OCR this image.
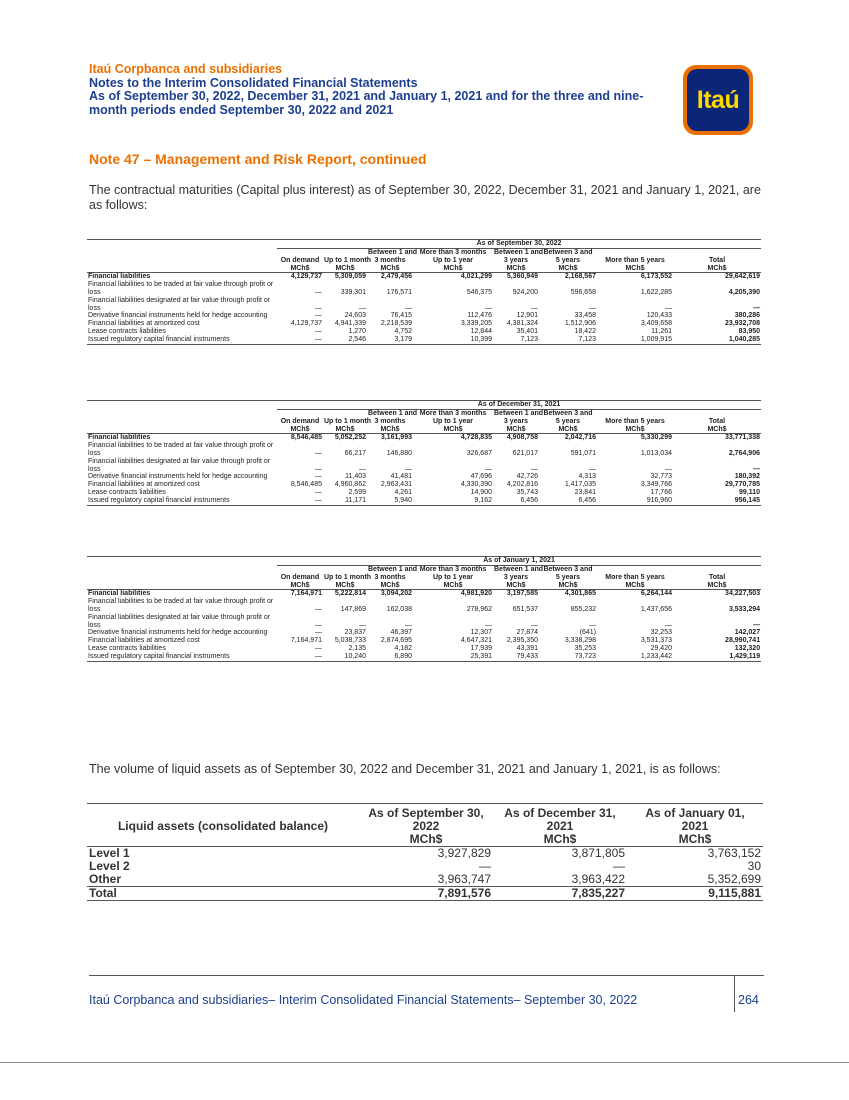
Itaú Corpbanca and subsidiaries
Notes to the Interim Consolidated Financial Statements
As of September 30, 2022, December 31, 2021 and January 1, 2021 and for the three and nine-
month periods ended September 30, 2022 and 2021	Itaú
Note 47 – Management and Risk Report, continued
The contractual maturities (Capital plus interest) as of September 30, 2022, December 31, 2021 and January 1, 2021, are as follows:
	As of September 30, 2022							
			Between 1 and	More than 3 months	Between 1 and	Between 3 and		
	On demand	Up to 1 month	3 months	Up to 1 year	3 years	5 years	More than 5 years	Total
	MCh$	MCh$	MCh$	MCh$	MCh$	MCh$	MCh$	MCh$
Financial liabilities	4,129,737	5,309,059	2,479,456	4,021,299	5,360,949	2,168,567	6,173,552	29,642,619
Financial liabilities to be traded at fair value through profit or loss	—	339,301	176,571	546,375	924,200	596,658	1,622,285	4,205,390
Financial liabilities designated at fair value through profit or loss	—	—	—	—	—	—	—	—
Derivative financial instruments held for hedge accounting	—	24,603	76,415	112,476	12,901	33,458	120,433	380,286
Financial liabilities at amortized cost	4,129,737	4,941,339	2,218,539	3,339,205	4,381,324	1,512,906	3,409,658	23,932,708
Lease contracts liabilities	—	1,270	4,752	12,844	35,401	18,422	11,261	83,950
Issued regulatory capital financial instruments	—	2,546	3,179	10,399	7,123	7,123	1,009,915	1,040,285
	As of December 31, 2021							
			Between 1 and	More than 3 months	Between 1 and	Between 3 and		
	On demand	Up to 1 month	3 months	Up to 1 year	3 years	5 years	More than 5 years	Total
	MCh$	MCh$	MCh$	MCh$	MCh$	MCh$	MCh$	MCh$
Financial liabilities	8,546,485	5,052,252	3,161,993	4,728,835	4,908,758	2,042,716	5,330,299	33,771,338
Financial liabilities to be traded at fair value through profit or loss	—	66,217	146,880	326,687	621,017	591,071	1,013,034	2,764,906
Financial liabilities designated at fair value through profit or loss	—	—	—	—	—	—	—	—
Derivative financial instruments held for hedge accounting	—	11,403	41,481	47,696	42,726	4,313	32,773	180,392
Financial liabilities at amortized cost	8,546,485	4,960,862	2,963,431	4,330,390	4,202,816	1,417,035	3,349,766	29,770,785
Lease contracts liabilities	—	2,599	4,261	14,900	35,743	23,841	17,766	99,110
Issued regulatory capital financial instruments	—	11,171	5,940	9,162	6,456	6,456	916,960	956,145
	As of January 1, 2021							
			Between 1 and	More than 3 months	Between 1 and	Between 3 and		
	On demand	Up to 1 month	3 months	Up to 1 year	3 years	5 years	More than 5 years	Total
	MCh$	MCh$	MCh$	MCh$	MCh$	MCh$	MCh$	MCh$
Financial liabilities	7,164,971	5,222,814	3,094,202	4,981,920	3,197,585	4,301,865	6,264,144	34,227,503
Financial liabilities to be traded at fair value through profit or loss	—	147,869	162,038	278,962	651,537	855,232	1,437,656	3,533,294
Financial liabilities designated at fair value through profit or loss	—	—	—	—	—	—	—	—
Derivative financial instruments held for hedge accounting	—	23,837	46,397	12,307	27,874	(641)	32,253	142,027
Financial liabilities at amortized cost	7,164,971	5,038,733	2,874,695	4,647,321	2,395,350	3,338,298	3,531,373	28,990,741
Lease contracts liabilities	—	2,135	4,182	17,939	43,391	35,253	29,420	132,320
Issued regulatory capital financial instruments	—	10,240	6,890	25,391	79,433	73,723	1,233,442	1,429,119
The volume of liquid assets as of September 30, 2022 and December 31, 2021 and January 1, 2021, is as follows:
	As of September 30,	As of December 31,	As of January 01,
Liquid assets (consolidated balance)	2022	2021	2021
	MCh$	MCh$	MCh$
Level 1	3,927,829	3,871,805	3,763,152
Level 2	—	—	30
Other	3,963,747	3,963,422	5,352,699
Total	7,891,576	7,835,227	9,115,881
Itaú Corpbanca and subsidiaries– Interim Consolidated Financial Statements– September 30, 2022	264
